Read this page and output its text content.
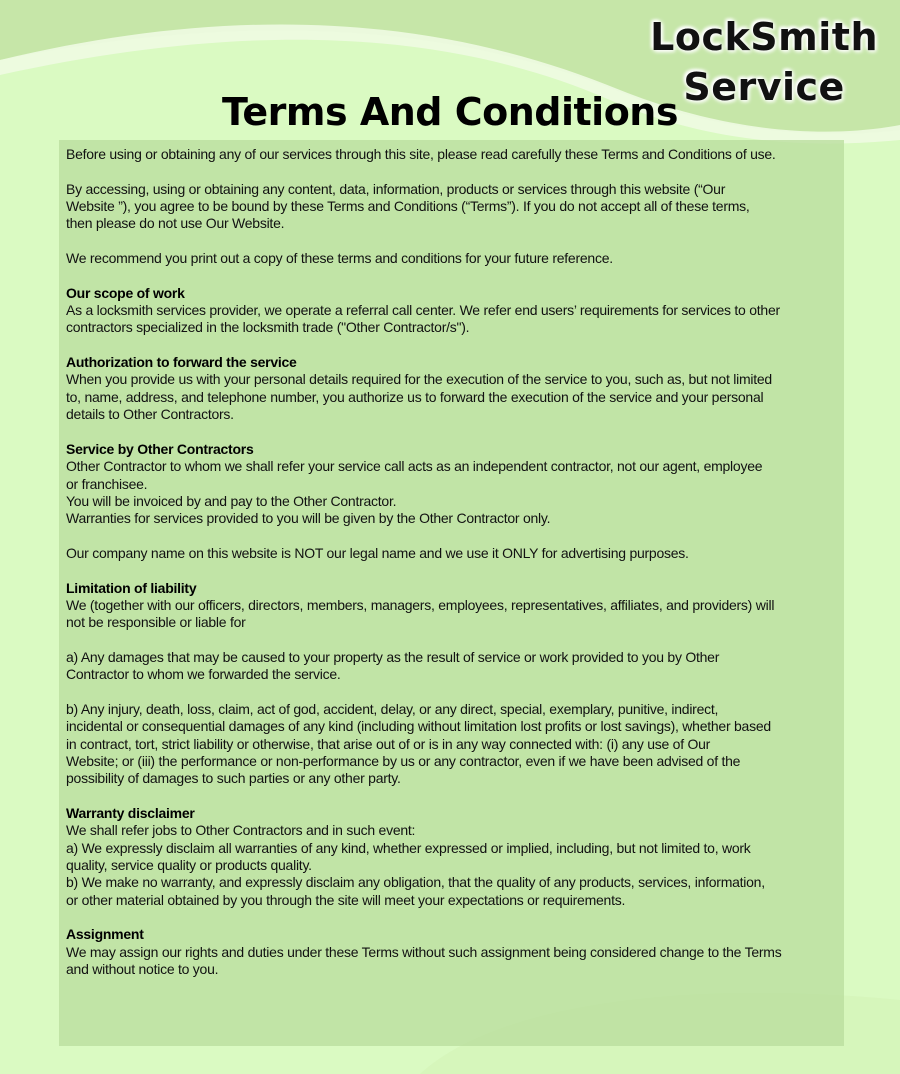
LockSmith
Service
Terms And Conditions
Before using or obtaining any of our services through this site, please read carefully these Terms and Conditions of use.
By accessing, using or obtaining any content, data, information, products or services through this website (“Our
Website ”), you agree to be bound by these Terms and Conditions (“Terms”). If you do not accept all of these terms,
then please do not use Our Website.
We recommend you print out a copy of these terms and conditions for your future reference.
Our scope of work
As a locksmith services provider, we operate a referral call center. We refer end users’ requirements for services to other
contractors specialized in the locksmith trade ("Other Contractor/s").
Authorization to forward the service
When you provide us with your personal details required for the execution of the service to you, such as, but not limited
to, name, address, and telephone number, you authorize us to forward the execution of the service and your personal
details to Other Contractors.
Service by Other Contractors
Other Contractor to whom we shall refer your service call acts as an independent contractor, not our agent, employee
or franchisee.
You will be invoiced by and pay to the Other Contractor.
Warranties for services provided to you will be given by the Other Contractor only.
Our company name on this website is NOT our legal name and we use it ONLY for advertising purposes.
Limitation of liability
We (together with our officers, directors, members, managers, employees, representatives, affiliates, and providers) will
not be responsible or liable for
a) Any damages that may be caused to your property as the result of service or work provided to you by Other
Contractor to whom we forwarded the service.
b) Any injury, death, loss, claim, act of god, accident, delay, or any direct, special, exemplary, punitive, indirect,
incidental or consequential damages of any kind (including without limitation lost profits or lost savings), whether based
in contract, tort, strict liability or otherwise, that arise out of or is in any way connected with: (i) any use of Our
Website; or (iii) the performance or non-performance by us or any contractor, even if we have been advised of the
possibility of damages to such parties or any other party.
Warranty disclaimer
We shall refer jobs to Other Contractors and in such event:
a) We expressly disclaim all warranties of any kind, whether expressed or implied, including, but not limited to, work
quality, service quality or products quality.
b) We make no warranty, and expressly disclaim any obligation, that the quality of any products, services, information,
or other material obtained by you through the site will meet your expectations or requirements.
Assignment
We may assign our rights and duties under these Terms without such assignment being considered change to the Terms
and without notice to you.
